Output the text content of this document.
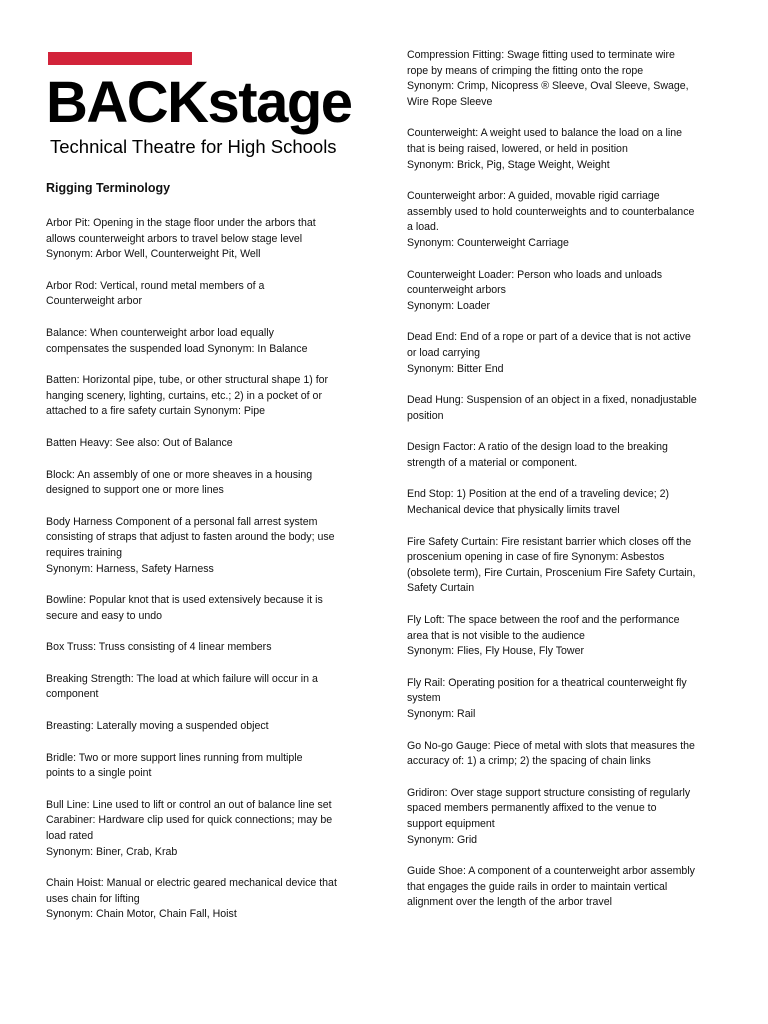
BACKstage
Technical Theatre for High Schools
Rigging Terminology
Arbor Pit: Opening in the stage floor under the arbors that
allows counterweight arbors to travel below stage level
Synonym: Arbor Well, Counterweight Pit, Well
Arbor Rod: Vertical, round metal members of a
Counterweight arbor
Balance: When counterweight arbor load equally
compensates the suspended load Synonym: In Balance
Batten: Horizontal pipe, tube, or other structural shape 1) for
hanging scenery, lighting, curtains, etc.; 2) in a pocket of or
attached to a fire safety curtain Synonym: Pipe
Batten Heavy: See also: Out of Balance
Block: An assembly of one or more sheaves in a housing
designed to support one or more lines
Body Harness Component of a personal fall arrest system
consisting of straps that adjust to fasten around the body; use
requires training
Synonym: Harness, Safety Harness
Bowline: Popular knot that is used extensively because it is
secure and easy to undo
Box Truss: Truss consisting of 4 linear members
Breaking Strength: The load at which failure will occur in a
component
Breasting: Laterally moving a suspended object
Bridle: Two or more support lines running from multiple
points to a single point
Bull Line: Line used to lift or control an out of balance line set
Carabiner: Hardware clip used for quick connections; may be
load rated
Synonym: Biner, Crab, Krab
Chain Hoist: Manual or electric geared mechanical device that
uses chain for lifting
Synonym: Chain Motor, Chain Fall, Hoist
Compression Fitting: Swage fitting used to terminate wire
rope by means of crimping the fitting onto the rope
Synonym: Crimp, Nicopress ® Sleeve, Oval Sleeve, Swage,
Wire Rope Sleeve
Counterweight: A weight used to balance the load on a line
that is being raised, lowered, or held in position
Synonym: Brick, Pig, Stage Weight, Weight
Counterweight arbor: A guided, movable rigid carriage
assembly used to hold counterweights and to counterbalance
a load.
Synonym: Counterweight Carriage
Counterweight Loader: Person who loads and unloads
counterweight arbors
Synonym: Loader
Dead End: End of a rope or part of a device that is not active
or load carrying
Synonym: Bitter End
Dead Hung: Suspension of an object in a fixed, nonadjustable
position
Design Factor: A ratio of the design load to the breaking
strength of a material or component.
End Stop: 1) Position at the end of a traveling device; 2)
Mechanical device that physically limits travel
Fire Safety Curtain: Fire resistant barrier which closes off the
proscenium opening in case of fire Synonym: Asbestos
(obsolete term), Fire Curtain, Proscenium Fire Safety Curtain,
Safety Curtain
Fly Loft: The space between the roof and the performance
area that is not visible to the audience
Synonym: Flies, Fly House, Fly Tower
Fly Rail: Operating position for a theatrical counterweight fly
system
Synonym: Rail
Go No-go Gauge: Piece of metal with slots that measures the
accuracy of: 1) a crimp; 2) the spacing of chain links
Gridiron: Over stage support structure consisting of regularly
spaced members permanently affixed to the venue to
support equipment
Synonym: Grid
Guide Shoe: A component of a counterweight arbor assembly
that engages the guide rails in order to maintain vertical
alignment over the length of the arbor travel
